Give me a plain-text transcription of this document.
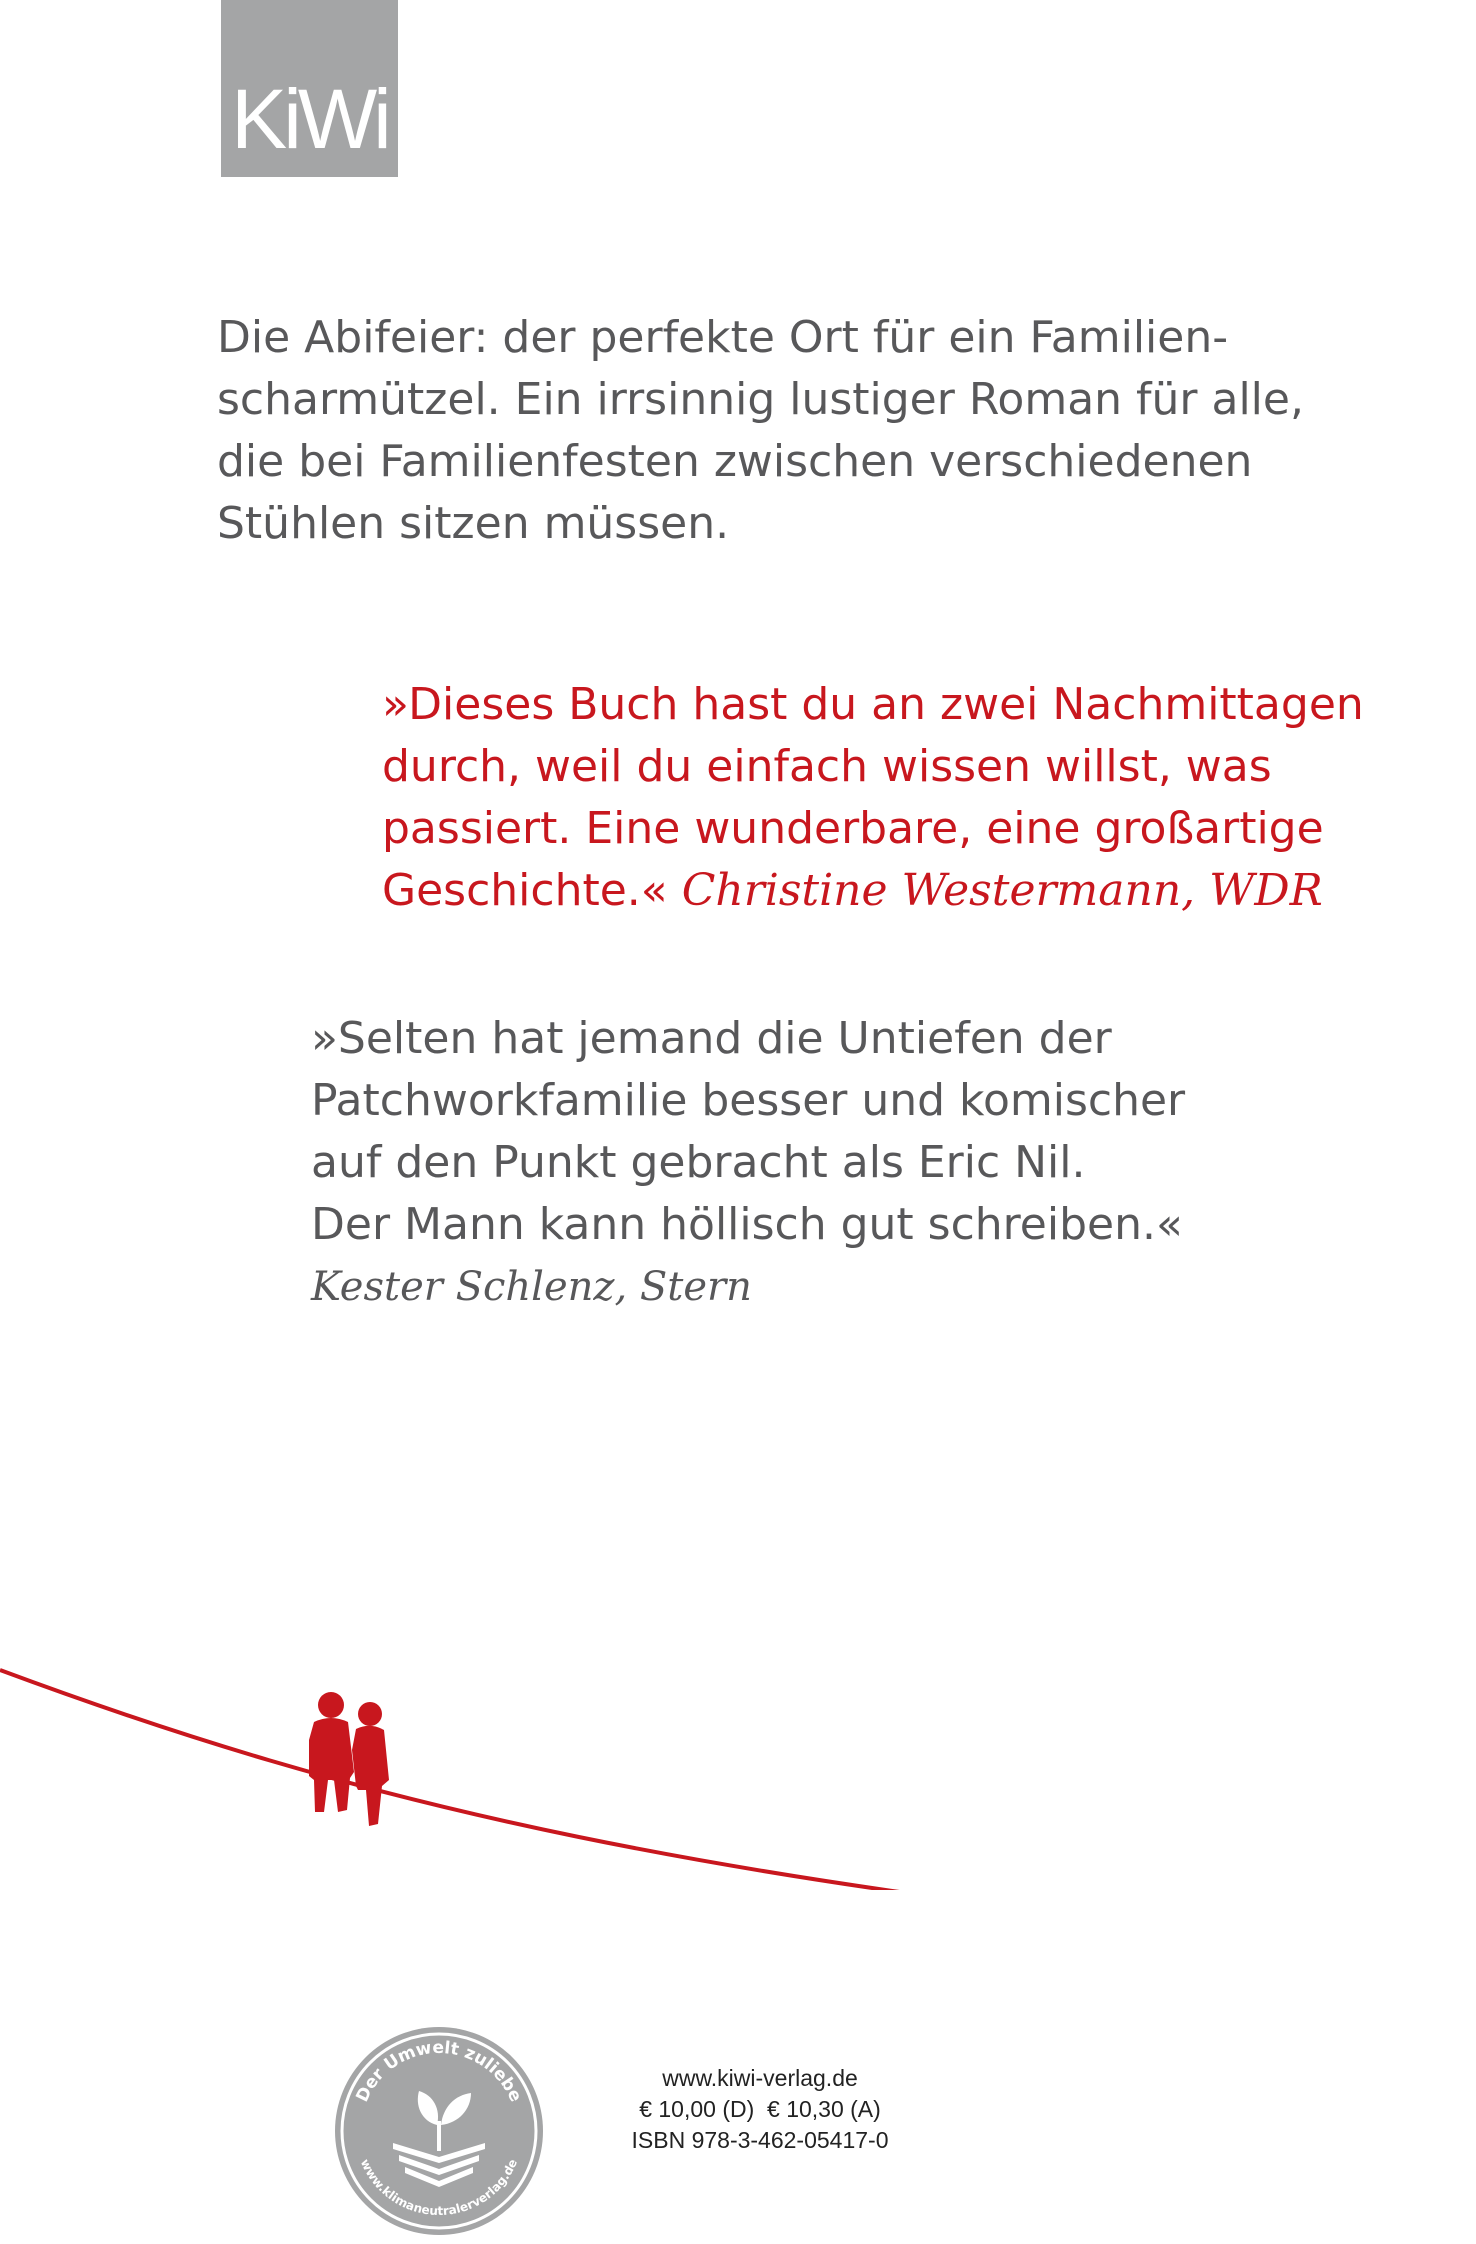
KiWi

Die Abifeier: der perfekte Ort für ein Familien-
scharmützel. Ein irrsinnig lustiger Roman für alle,
die bei Familienfesten zwischen verschiedenen
Stühlen sitzen müssen.

»Dieses Buch hast du an zwei Nachmittagen
durch, weil du einfach wissen willst, was
passiert. Eine wunderbare, eine großartige
Geschichte.« Christine Westermann, WDR

»Selten hat jemand die Untiefen der
Patchworkfamilie besser und komischer
auf den Punkt gebracht als Eric Nil.
Der Mann kann höllisch gut schreiben.«
Kester Schlenz, Stern

Der Umwelt zuliebe
www.klimaneutralerverlag.de
www.kiwi-verlag.de
€ 10,00 (D)  € 10,30 (A)
ISBN 978-3-462-05417-0
